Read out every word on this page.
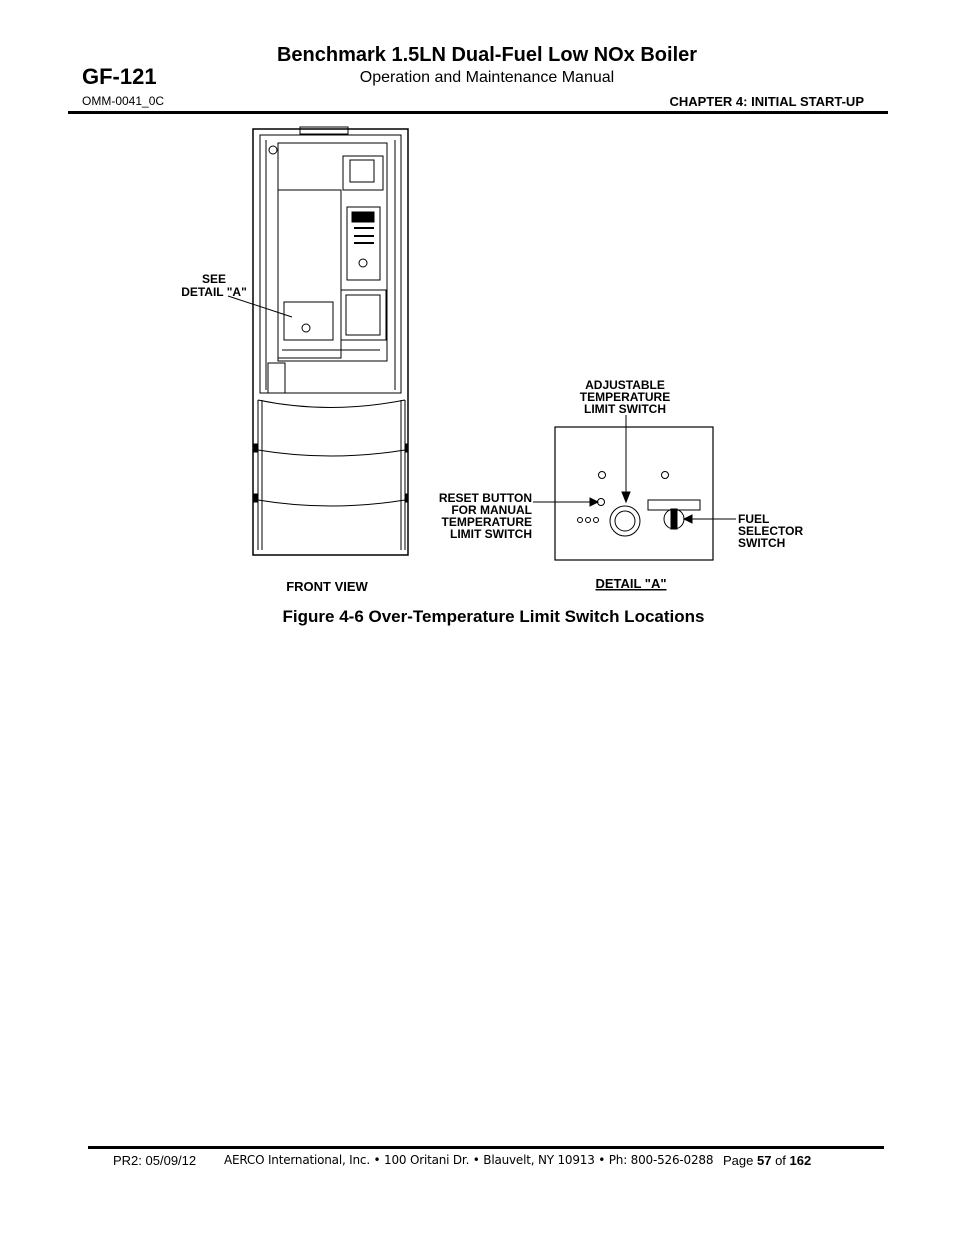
GF-121
Benchmark 1.5LN Dual-Fuel Low NOx Boiler
Operation and Maintenance Manual
OMM-0041_0C	CHAPTER 4: INITIAL START-UP
SEE
DETAIL "A"
FRONT VIEW
ADJUSTABLE
TEMPERATURE
LIMIT SWITCH
RESET BUTTON
FOR MANUAL
TEMPERATURE
LIMIT SWITCH
FUEL
SELECTOR
SWITCH
DETAIL "A"
Figure 4-6 Over-Temperature Limit Switch Locations
PR2: 05/09/12 AERCO International, Inc. • 100 Oritani Dr. • Blauvelt, NY 10913 • Ph: 800-526-0288 Page 57 of 162
